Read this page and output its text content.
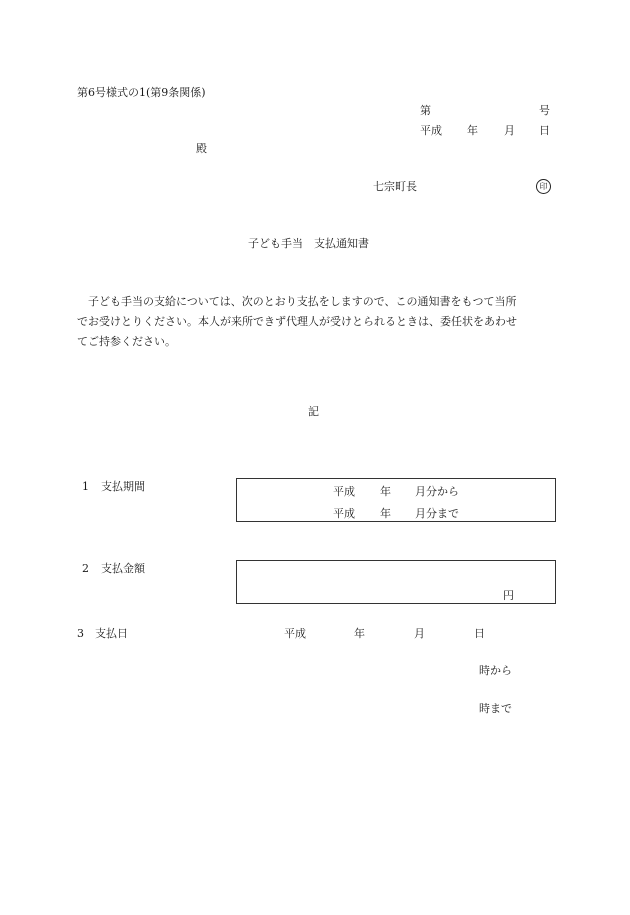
第6号様式の1(第9条関係)
第	号
平成 年 月 日
殿
七宗町長	印
子ども手当　支払通知書
　子ども手当の支給については、次のとおり支払をしますので、この通知書をもつて当所
でお受けとりください。本人が来所できず代理人が受けとられるときは、委任状をあわせ
てご持参ください。
記
1 支払期間	平成 年 月分から
平成 年 月分まで
2 支払金額
円
3 支払日	平成	年	月	日
時から
時まで
